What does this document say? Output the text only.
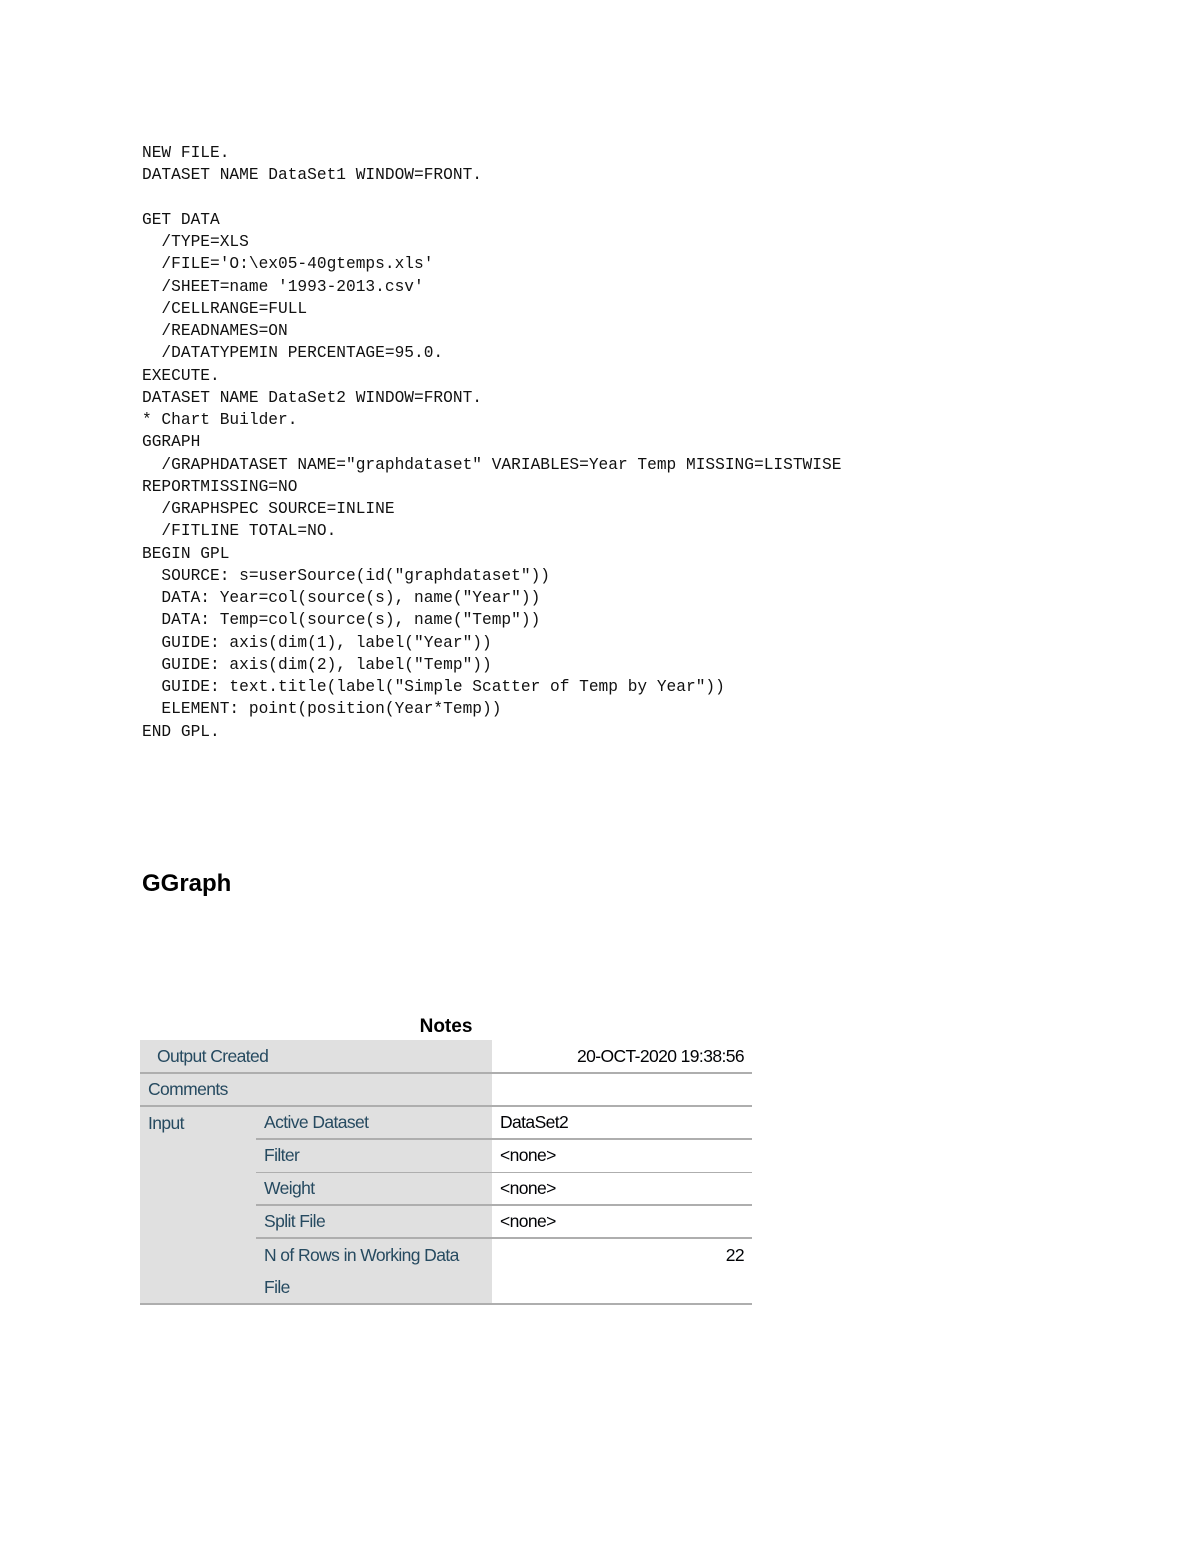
NEW FILE.
DATASET NAME DataSet1 WINDOW=FRONT.
GET DATA
/TYPE=XLS
/FILE='O:\ex05-40gtemps.xls'
/SHEET=name '1993-2013.csv'
/CELLRANGE=FULL
/READNAMES=ON
/DATATYPEMIN PERCENTAGE=95.0.
EXECUTE.
DATASET NAME DataSet2 WINDOW=FRONT.
* Chart Builder.
GGRAPH
/GRAPHDATASET NAME="graphdataset" VARIABLES=Year Temp MISSING=LISTWISE
REPORTMISSING=NO
/GRAPHSPEC SOURCE=INLINE
/FITLINE TOTAL=NO.
BEGIN GPL
SOURCE: s=userSource(id("graphdataset"))
DATA: Year=col(source(s), name("Year"))
DATA: Temp=col(source(s), name("Temp"))
GUIDE: axis(dim(1), label("Year"))
GUIDE: axis(dim(2), label("Temp"))
GUIDE: text.title(label("Simple Scatter of Temp by Year"))
ELEMENT: point(position(Year*Temp))
END GPL.
GGraph
Notes
Output Created		20-OCT-2020 19:38:56
Comments		
Input	Active Dataset	DataSet2
	Filter	<none>
	Weight	<none>
	Split File	<none>
	N of Rows in Working Data File	22
